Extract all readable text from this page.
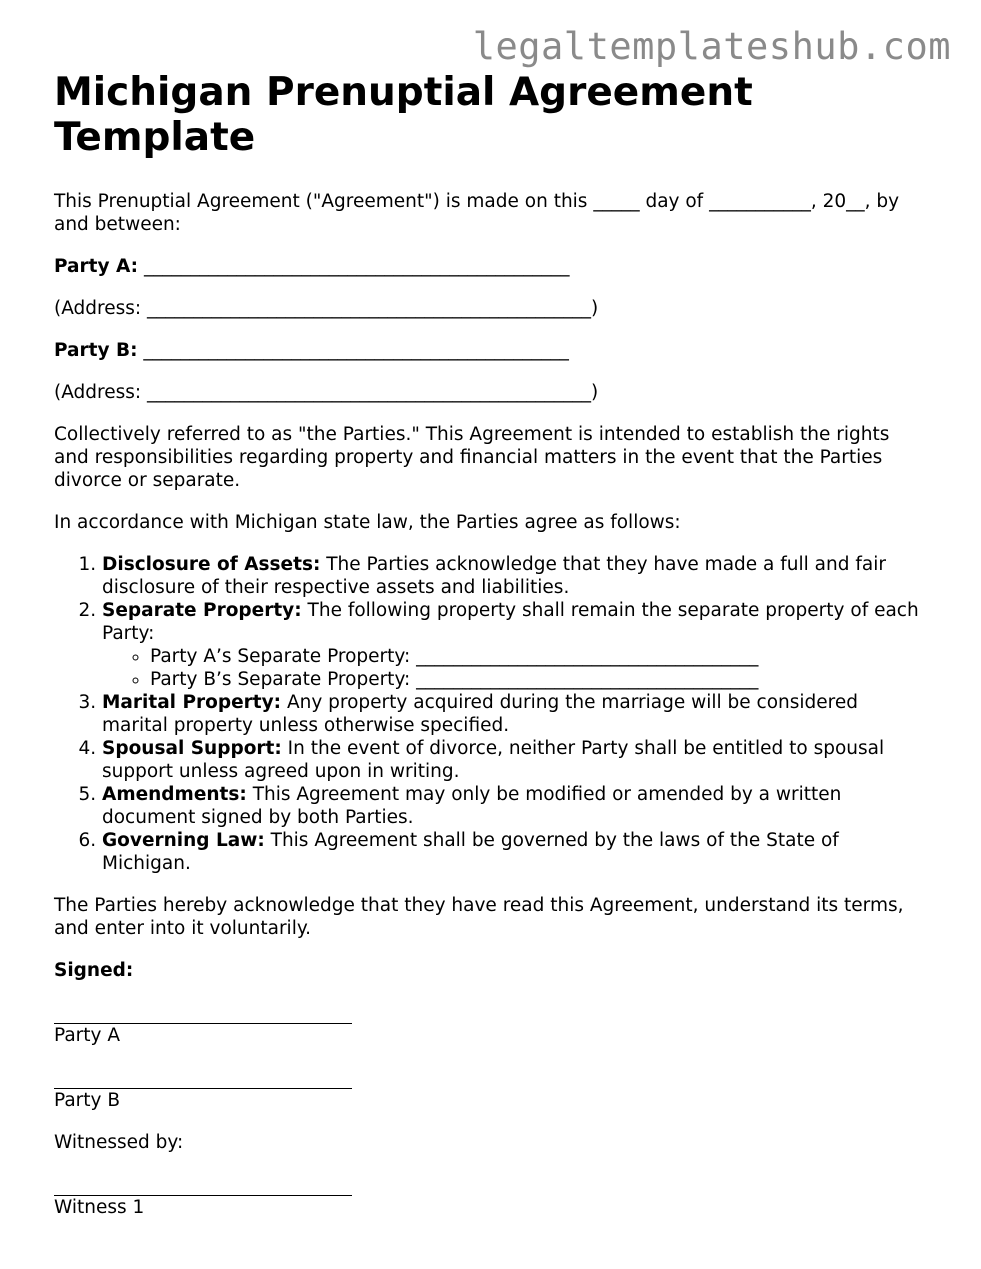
legaltemplateshub.com
Michigan Prenuptial Agreement Template

This Prenuptial Agreement ("Agreement") is made on this _____ day of ___________, 20__, by and between:

Party A: ______________________________________________

(Address: ________________________________________________)

Party B: ______________________________________________

(Address: ________________________________________________)

Collectively referred to as "the Parties." This Agreement is intended to establish the rights and responsibilities regarding property and financial matters in the event that the Parties divorce or separate.

In accordance with Michigan state law, the Parties agree as follows:

1. Disclosure of Assets: The Parties acknowledge that they have made a full and fair disclosure of their respective assets and liabilities.
2. Separate Property: The following property shall remain the separate property of each Party:
◦ Party A’s Separate Property: _____________________________________
◦ Party B’s Separate Property: _____________________________________
3. Marital Property: Any property acquired during the marriage will be considered marital property unless otherwise specified.
4. Spousal Support: In the event of divorce, neither Party shall be entitled to spousal support unless agreed upon in writing.
5. Amendments: This Agreement may only be modified or amended by a written document signed by both Parties.
6. Governing Law: This Agreement shall be governed by the laws of the State of Michigan.

The Parties hereby acknowledge that they have read this Agreement, understand its terms, and enter into it voluntarily.

Signed:

Party A
Party B

Witnessed by:

Witness 1
